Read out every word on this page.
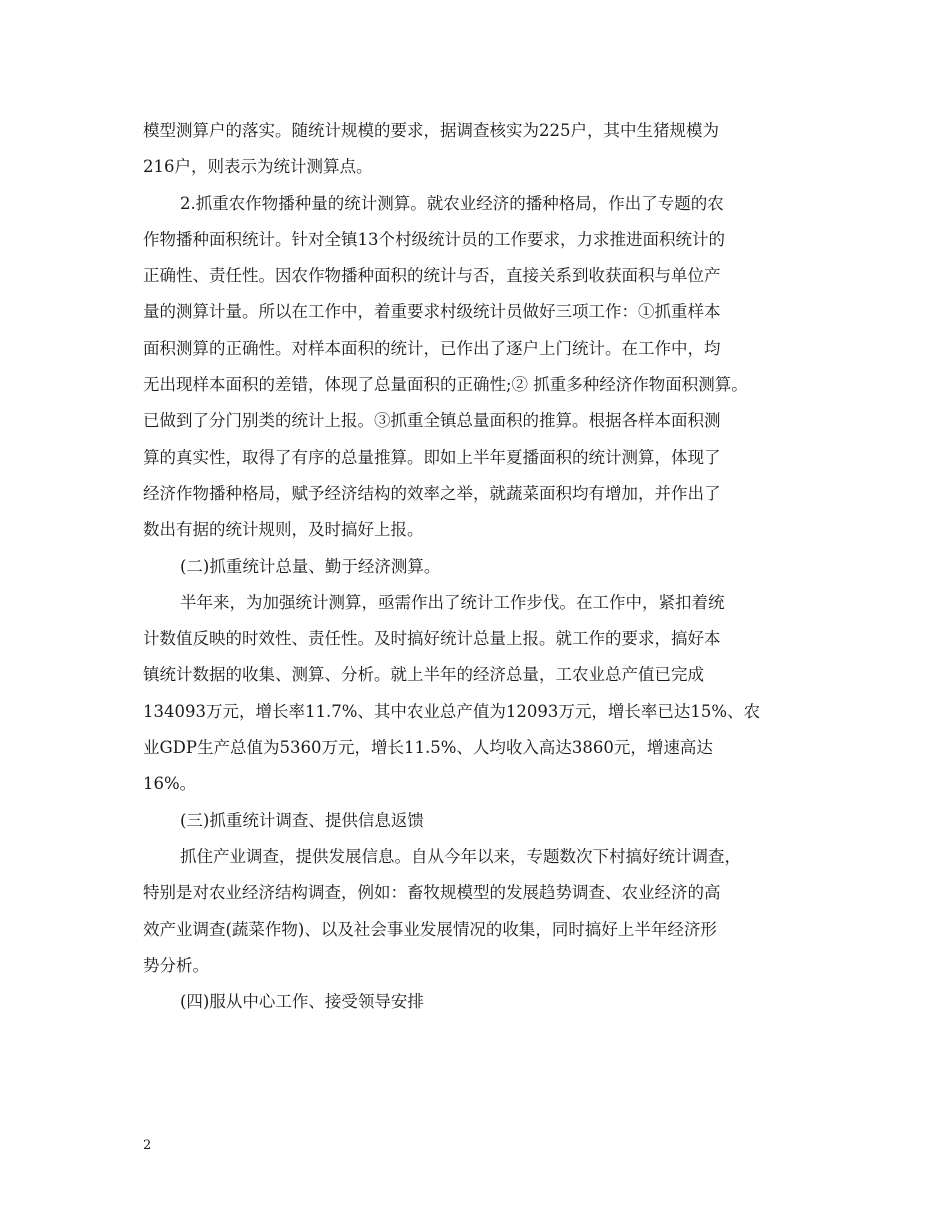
模型测算户的落实。随统计规模的要求，据调查核实为225户，其中生猪规模为
216户，则表示为统计测算点。
2.抓重农作物播种量的统计测算。就农业经济的播种格局，作出了专题的农
作物播种面积统计。针对全镇13个村级统计员的工作要求，力求推进面积统计的
正确性、责任性。因农作物播种面积的统计与否，直接关系到收获面积与单位产
量的测算计量。所以在工作中，着重要求村级统计员做好三项工作：①抓重样本
面积测算的正确性。对样本面积的统计，已作出了逐户上门统计。在工作中，均
无出现样本面积的差错，体现了总量面积的正确性;② 抓重多种经济作物面积测算。
已做到了分门别类的统计上报。③抓重全镇总量面积的推算。根据各样本面积测
算的真实性，取得了有序的总量推算。即如上半年夏播面积的统计测算，体现了
经济作物播种格局，赋予经济结构的效率之举，就蔬菜面积均有增加，并作出了
数出有据的统计规则，及时搞好上报。
(二)抓重统计总量、勤于经济测算。
半年来，为加强统计测算，亟需作出了统计工作步伐。在工作中，紧扣着统
计数值反映的时效性、责任性。及时搞好统计总量上报。就工作的要求，搞好本
镇统计数据的收集、测算、分析。就上半年的经济总量，工农业总产值已完成
134093万元，增长率11.7%、其中农业总产值为12093万元，增长率已达15%、农
业GDP生产总值为5360万元，增长11.5%、人均收入高达3860元，增速高达
16%。
(三)抓重统计调查、提供信息返馈
抓住产业调查，提供发展信息。自从今年以来，专题数次下村搞好统计调查，
特别是对农业经济结构调查，例如：畜牧规模型的发展趋势调查、农业经济的高
效产业调查(蔬菜作物)、以及社会事业发展情况的收集，同时搞好上半年经济形
势分析。
(四)服从中心工作、接受领导安排
2
